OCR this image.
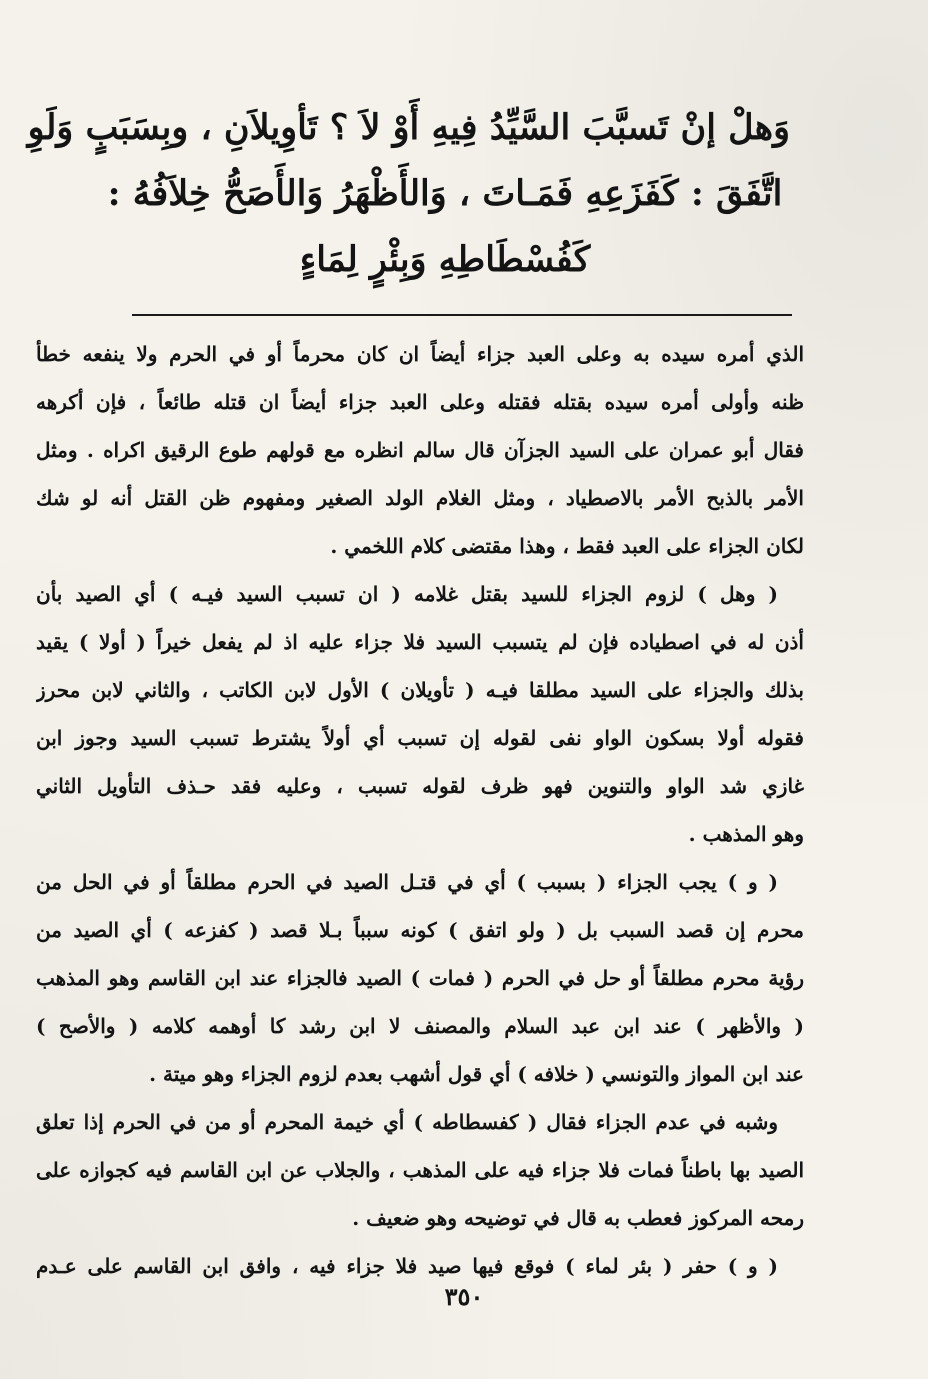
وَهلْ إنْ تَسبَّبَ السَّيِّدُ فِيهِ أَوْ لاَ ؟ تَأوِيلاَنِ ، وبِسَبَبٍ وَلَوِ
اتَّفَقَ : كَفَزَعِهِ فَمَـاتَ ، وَالأَظْهَرُ وَالأَصَحُّ خِلاَفُهُ :
كَفُسْطَاطِهِ وَبِئْرٍ لِمَاءٍ
الذي أمره سيده به وعلى العبد جزاء أيضاً ان كان محرماً أو في الحرم ولا ينفعه خطأ
ظنه وأولى أمره سيده بقتله فقتله وعلى العبد جزاء أيضاً ان قتله طائعاً ، فإن أكرهه
فقال أبو عمران على السيد الجزآن قال سالم انظره مع قولهم طوع الرقيق اكراه . ومثل
الأمر بالذبح الأمر بالاصطياد ، ومثل الغلام الولد الصغير ومفهوم ظن القتل أنه لو شك
لكان الجزاء على العبد فقط ، وهذا مقتضى كلام اللخمي .
( وهل ) لزوم الجزاء للسيد بقتل غلامه ( ان تسبب السيد فيـه ) أي الصيد بأن
أذن له في اصطياده فإن لم يتسبب السيد فلا جزاء عليه اذ لم يفعل خيراً ( أولا ) يقيد
بذلك والجزاء على السيد مطلقا فيـه ( تأويلان ) الأول لابن الكاتب ، والثاني لابن محرز
فقوله أولا بسكون الواو نفى لقوله إن تسبب أي أولاً يشترط تسبب السيد وجوز ابن
غازي شد الواو والتنوين فهو ظرف لقوله تسبب ، وعليه فقد حـذف التأويل الثاني
وهو المذهب .
( و ) يجب الجزاء ( بسبب ) أي في قتـل الصيد في الحرم مطلقاً أو في الحل من
محرم إن قصد السبب بل ( ولو اتفق ) كونه سبباً بـلا قصد ( كفزعه ) أي الصيد من
رؤية محرم مطلقاً أو حل في الحرم ( فمات ) الصيد فالجزاء عند ابن القاسم وهو المذهب
( والأظهر ) عند ابن عبد السلام والمصنف لا ابن رشد كا أوهمه كلامه ( والأصح )
عند ابن المواز والتونسي ( خلافه ) أي قول أشهب بعدم لزوم الجزاء وهو ميتة .
وشبه في عدم الجزاء فقال ( كفسطاطه ) أي خيمة المحرم أو من في الحرم إذا تعلق
الصيد بها باطناً فمات فلا جزاء فيه على المذهب ، والجلاب عن ابن القاسم فيه كجوازه على
رمحه المركوز فعطب به قال في توضيحه وهو ضعيف .
( و ) حفر ( بئر لماء ) فوقع فيها صيد فلا جزاء فيه ، وافق ابن القاسم على عـدم
٣٥٠
